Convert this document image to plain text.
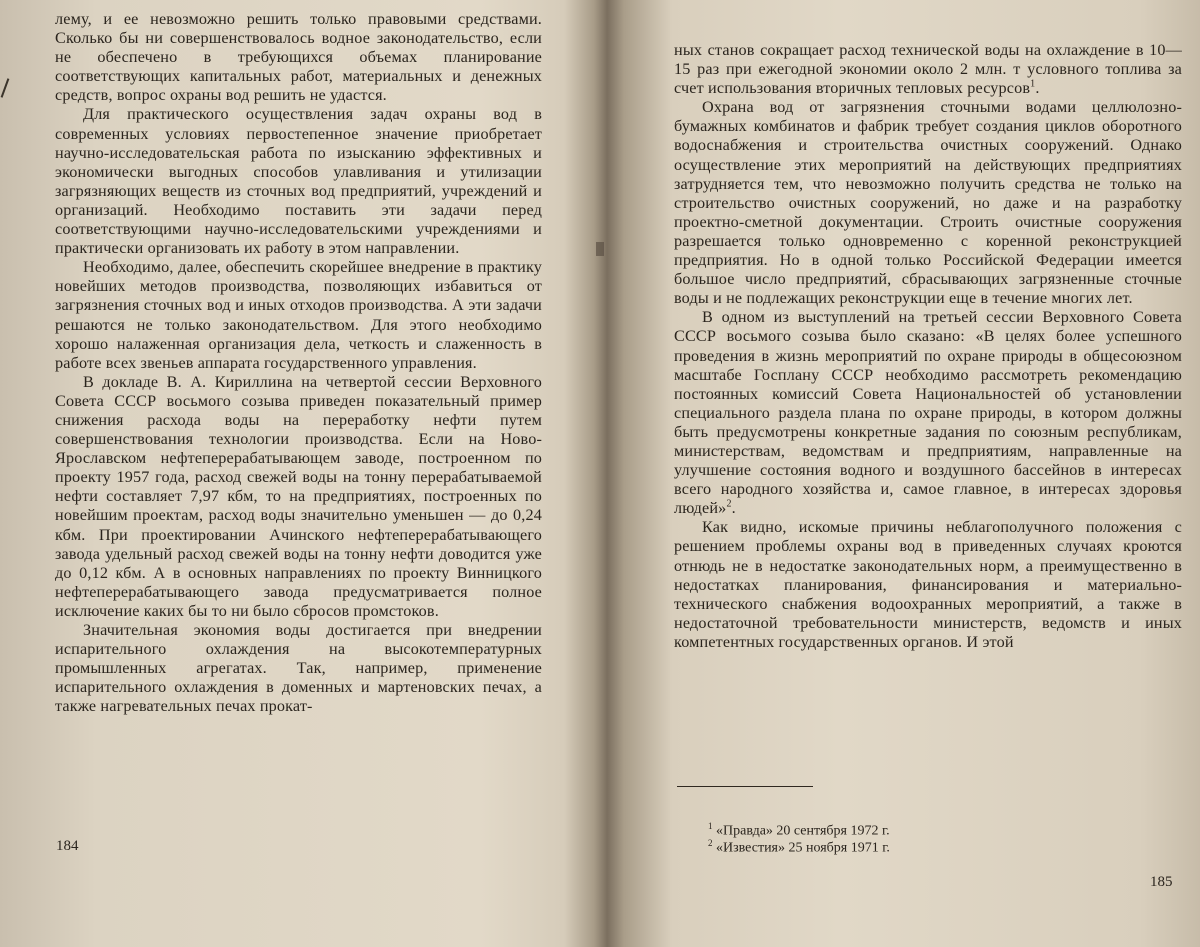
лему, и ее невозможно решить только правовыми средствами. Сколько бы ни совершенствовалось водное законодательство, если не обеспечено в требующихся объемах планирование соответствующих капитальных работ, материальных и денежных средств, вопрос охраны вод решить не удастся.

Для практического осуществления задач охраны вод в современных условиях первостепенное значение приобретает научно-исследовательская работа по изысканию эффективных и экономически выгодных способов улавливания и утилизации загрязняющих веществ из сточных вод предприятий, учреждений и организаций. Необходимо поставить эти задачи перед соответствующими научно-исследовательскими учреждениями и практически организовать их работу в этом направлении.

Необходимо, далее, обеспечить скорейшее внедрение в практику новейших методов производства, позволяющих избавиться от загрязнения сточных вод и иных отходов производства. А эти задачи решаются не только законодательством. Для этого необходимо хорошо налаженная организация дела, четкость и слаженность в работе всех звеньев аппарата государственного управления.

В докладе В. А. Кириллина на четвертой сессии Верховного Совета СССР восьмого созыва приведен показательный пример снижения расхода воды на переработку нефти путем совершенствования технологии производства. Если на Ново-Ярославском нефтеперерабатывающем заводе, построенном по проекту 1957 года, расход свежей воды на тонну перерабатываемой нефти составляет 7,97 кбм, то на предприятиях, построенных по новейшим проектам, расход воды значительно уменьшен — до 0,24 кбм. При проектировании Ачинского нефтеперерабатывающего завода удельный расход свежей воды на тонну нефти доводится уже до 0,12 кбм. А в основных направлениях по проекту Винницкого нефтеперерабатывающего завода предусматривается полное исключение каких бы то ни было сбросов промстоков.

Значительная экономия воды достигается при внедрении испарительного охлаждения на высокотемпературных промышленных агрегатах. Так, например, применение испарительного охлаждения в доменных и мартеновских печах, а также нагревательных печах прокат-

184

ных станов сокращает расход технической воды на охлаждение в 10—15 раз при ежегодной экономии около 2 млн. т условного топлива за счет использования вторичных тепловых ресурсов$^1$.

Охрана вод от загрязнения сточными водами целлюлозно-бумажных комбинатов и фабрик требует создания циклов оборотного водоснабжения и строительства очистных сооружений. Однако осуществление этих мероприятий на действующих предприятиях затрудняется тем, что невозможно получить средства не только на строительство очистных сооружений, но даже и на разработку проектно-сметной документации. Строить очистные сооружения разрешается только одновременно с коренной реконструкцией предприятия. Но в одной только Российской Федерации имеется большое число предприятий, сбрасывающих загрязненные сточные воды и не подлежащих реконструкции еще в течение многих лет.

В одном из выступлений на третьей сессии Верховного Совета СССР восьмого созыва было сказано: «В целях более успешного проведения в жизнь мероприятий по охране природы в общесоюзном масштабе Госплану СССР необходимо рассмотреть рекомендацию постоянных комиссий Совета Национальностей об установлении специального раздела плана по охране природы, в котором должны быть предусмотрены конкретные задания по союзным республикам, министерствам, ведомствам и предприятиям, направленные на улучшение состояния водного и воздушного бассейнов в интересах всего народного хозяйства и, самое главное, в интересах здоровья людей»$^2$.

Как видно, искомые причины неблагополучного положения с решением проблемы охраны вод в приведенных случаях кроются отнюдь не в недостатке законодательных норм, а преимущественно в недостатках планирования, финансирования и материально-технического снабжения водоохранных мероприятий, а также в недостаточной требовательности министерств, ведомств и иных компетентных государственных органов. И этой

$^1$ «Правда» 20 сентября 1972 г.
$^2$ «Известия» 25 ноября 1971 г.
185
